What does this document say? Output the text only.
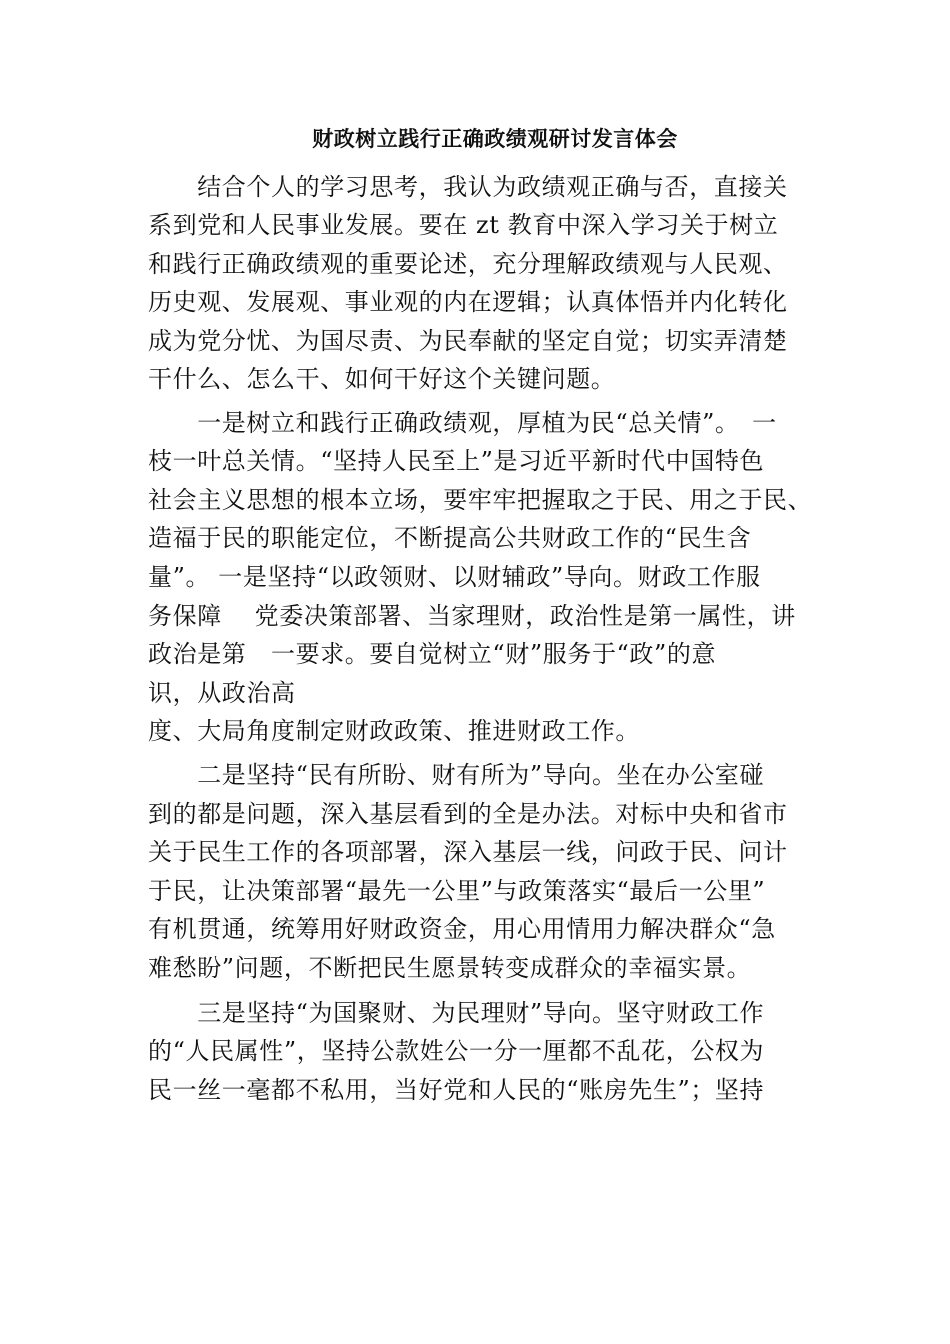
财政树立践行正确政绩观研讨发言体会
　　结合个人的学习思考，我认为政绩观正确与否，直接关
系到党和人民事业发展。要在 zt 教育中深入学习关于树立
和践行正确政绩观的重要论述，充分理解政绩观与人民观、
历史观、发展观、事业观的内在逻辑；认真体悟并内化转化
成为党分忧、为国尽责、为民奉献的坚定自觉；切实弄清楚
干什么、怎么干、如何干好这个关键问题。
　　一是树立和践行正确政绩观，厚植为民“总关情”。　一
枝一叶总关情。“坚持人民至上”是习近平新时代中国特色
社会主义思想的根本立场，要牢牢把握取之于民、用之于民、
造福于民的职能定位，不断提高公共财政工作的“民生含
量”。 一是坚持“以政领财、以财辅政”导向。财政工作服
务保障　 党委决策部署、当家理财，政治性是第一属性，讲
政治是第　一要求。要自觉树立“财”服务于“政”的意
识，从政治高
度、大局角度制定财政政策、推进财政工作。
　　二是坚持“民有所盼、财有所为”导向。坐在办公室碰
到的都是问题，深入基层看到的全是办法。对标中央和省市
关于民生工作的各项部署，深入基层一线，问政于民、问计
于民，让决策部署“最先一公里”与政策落实“最后一公里”
有机贯通，统筹用好财政资金，用心用情用力解决群众“急
难愁盼”问题，不断把民生愿景转变成群众的幸福实景。
　　三是坚持“为国聚财、为民理财”导向。坚守财政工作
的“人民属性”，坚持公款姓公一分一厘都不乱花，公权为
民一丝一毫都不私用，当好党和人民的“账房先生”；坚持
